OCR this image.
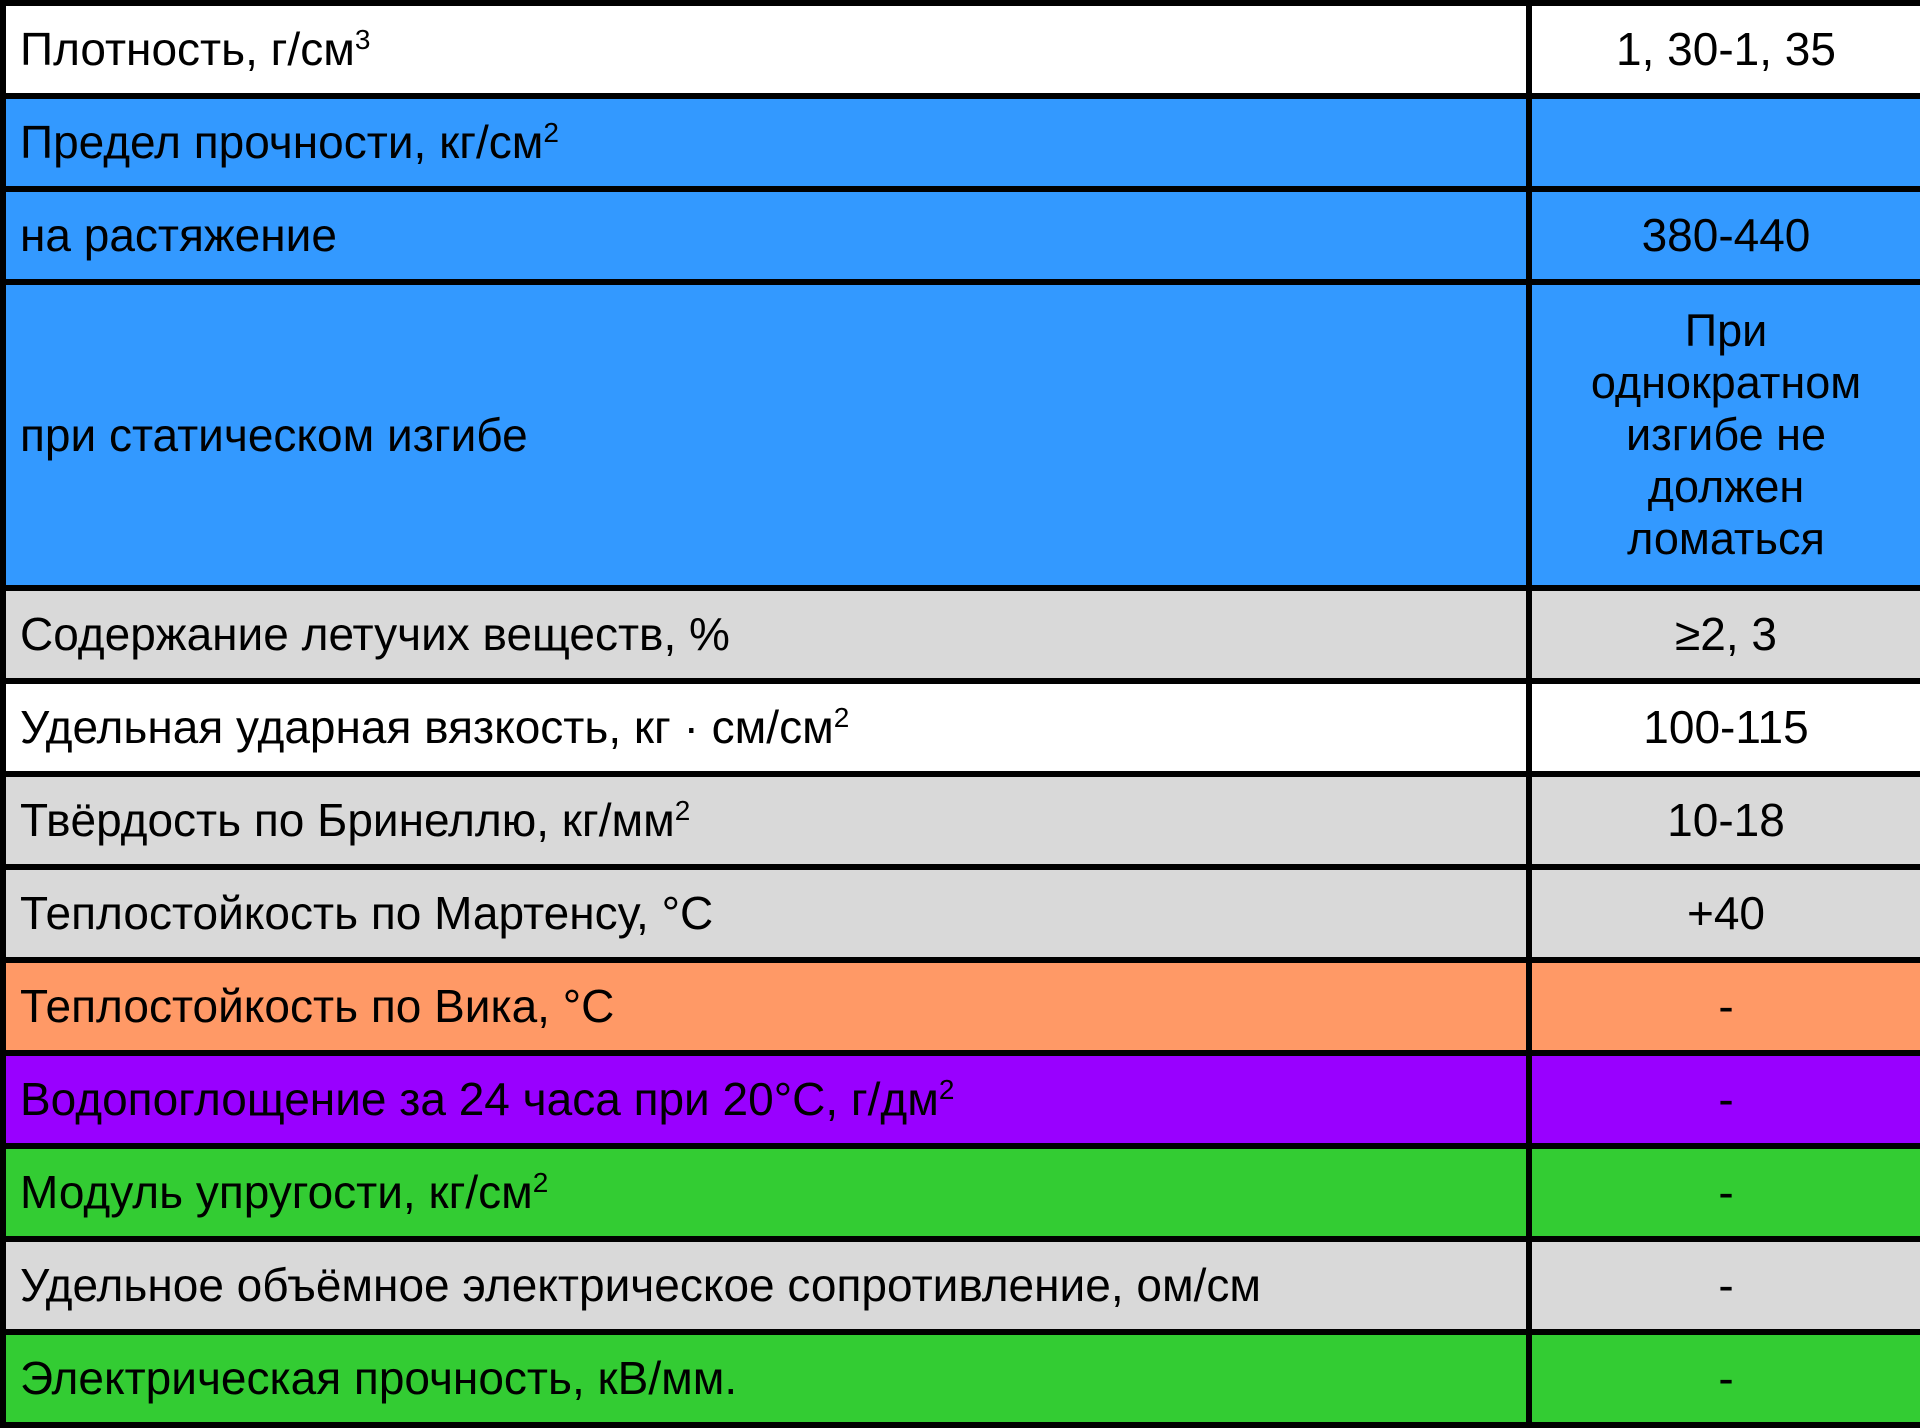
Плотность, $г/см^3$	1, 30-1, 35
Предел прочности, $кг/см^2$	
на растяжение	380-440
при статическом изгибе	При однократном изгибе не должен ломаться
Содержание летучих веществ, %	≥2, 3
Удельная ударная вязкость, кг · $см/см^2$	100-115
Твёрдость по Бринеллю, $кг/мм^2$	10-18
Теплостойкость по Мартенсу, °С	+40
Теплостойкость по Вика, °С	-
Водопоглощение за 24 часа при 20°С, $г/дм^2$	-
Модуль упругости, $кг/см^2$	-
Удельное объёмное электрическое сопротивление, ом/см	-
Электрическая прочность, кВ/мм.	-
